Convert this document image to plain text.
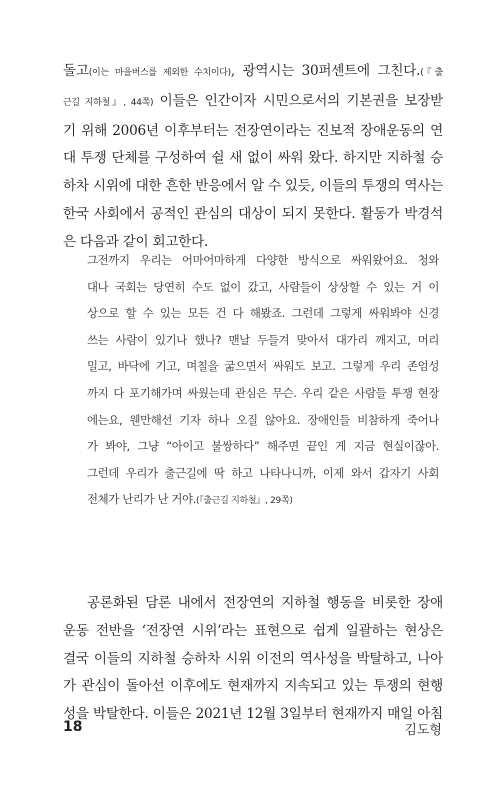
돌고(이는 마을버스를 제외한 수치이다), 광역시는 30퍼센트에 그친다.(『출
근길 지하철』, 44쪽) 이들은 인간이자 시민으로서의 기본권을 보장받
기 위해 2006년 이후부터는 전장연이라는 진보적 장애운동의 연
대 투쟁 단체를 구성하여 쉴 새 없이 싸워 왔다. 하지만 지하철 승
하차 시위에 대한 흔한 반응에서 알 수 있듯, 이들의 투쟁의 역사는
한국 사회에서 공적인 관심의 대상이 되지 못한다. 활동가 박경석
은 다음과 같이 회고한다.
그전까지 우리는 어마어마하게 다양한 방식으로 싸워왔어요. 청와
대나 국회는 당연히 수도 없이 갔고, 사람들이 상상할 수 있는 거 이
상으로 할 수 있는 모든 건 다 해봤죠. 그런데 그렇게 싸워봐야 신경
쓰는 사람이 있기나 했나? 맨날 두들겨 맞아서 대가리 깨지고, 머리
밀고, 바닥에 기고, 며칠을 굶으면서 싸워도 보고. 그렇게 우리 존엄성
까지 다 포기해가며 싸웠는데 관심은 무슨. 우리 같은 사람들 투쟁 현장
에는요, 웬만해선 기자 하나 오질 않아요. 장애인들 비참하게 죽어나
가 봐야, 그냥 “아이고 불쌍하다” 해주면 끝인 게 지금 현실이잖아.
그런데 우리가 출근길에 딱 하고 나타나니까, 이제 와서 갑자기 사회
전체가 난리가 난 거야.(『출근길 지하철』, 29쪽)
공론화된 담론 내에서 전장연의 지하철 행동을 비롯한 장애
운동 전반을 ‘전장연 시위’라는 표현으로 쉽게 일괄하는 현상은
결국 이들의 지하철 승하차 시위 이전의 역사성을 박탈하고, 나아
가 관심이 돌아선 이후에도 현재까지 지속되고 있는 투쟁의 현행
성을 박탈한다. 이들은 2021년 12월 3일부터 현재까지 매일 아침
18	김도형
